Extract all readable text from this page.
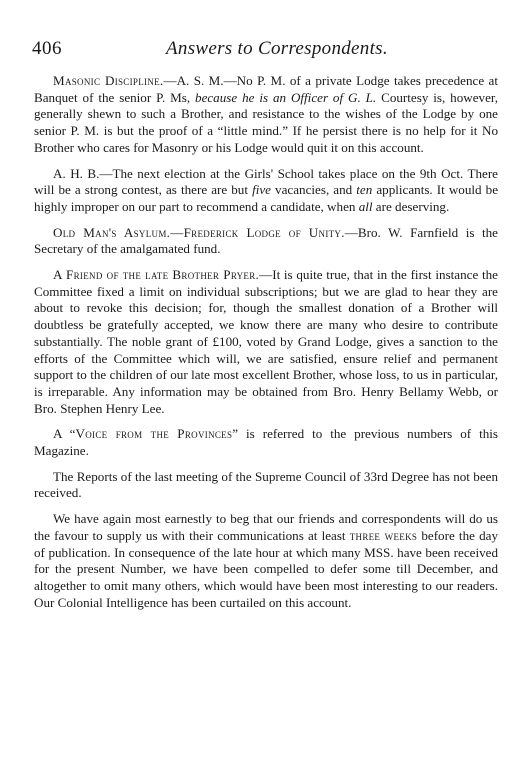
406	Answers to Correspondents.

Masonic Discipline.—A. S. M.—No P. M. of a private Lodge takes precedence at Banquet of the senior P. Ms, because he is an Officer of G. L. Courtesy is, however, generally shewn to such a Brother, and resistance to the wishes of the Lodge by one senior P. M. is but the proof of a “little mind.” If he persist there is no help for it No Brother who cares for Masonry or his Lodge would quit it on this account.

A. H. B.—The next election at the Girls' School takes place on the 9th Oct. There will be a strong contest, as there are but five vacancies, and ten applicants. It would be highly improper on our part to recommend a candidate, when all are deserving.

Old Man's Asylum.—Frederick Lodge of Unity.—Bro. W. Farnfield is the Secretary of the amalgamated fund.

A Friend of the late Brother Pryer.—It is quite true, that in the first instance the Committee fixed a limit on individual subscriptions; but we are glad to hear they are about to revoke this decision; for, though the smallest donation of a Brother will doubtless be gratefully accepted, we know there are many who desire to contribute substantially. The noble grant of £100, voted by Grand Lodge, gives a sanction to the efforts of the Committee which will, we are satisfied, ensure relief and permanent support to the children of our late most excellent Brother, whose loss, to us in particular, is irreparable. Any information may be obtained from Bro. Henry Bellamy Webb, or Bro. Stephen Henry Lee.

A “Voice from the Provinces” is referred to the previous numbers of this Magazine.

The Reports of the last meeting of the Supreme Council of 33rd Degree has not been received.

We have again most earnestly to beg that our friends and correspondents will do us the favour to supply us with their communications at least three weeks before the day of publication. In consequence of the late hour at which many MSS. have been received for the present Number, we have been compelled to defer some till December, and altogether to omit many others, which would have been most interesting to our readers. Our Colonial Intelligence has been curtailed on this account.
